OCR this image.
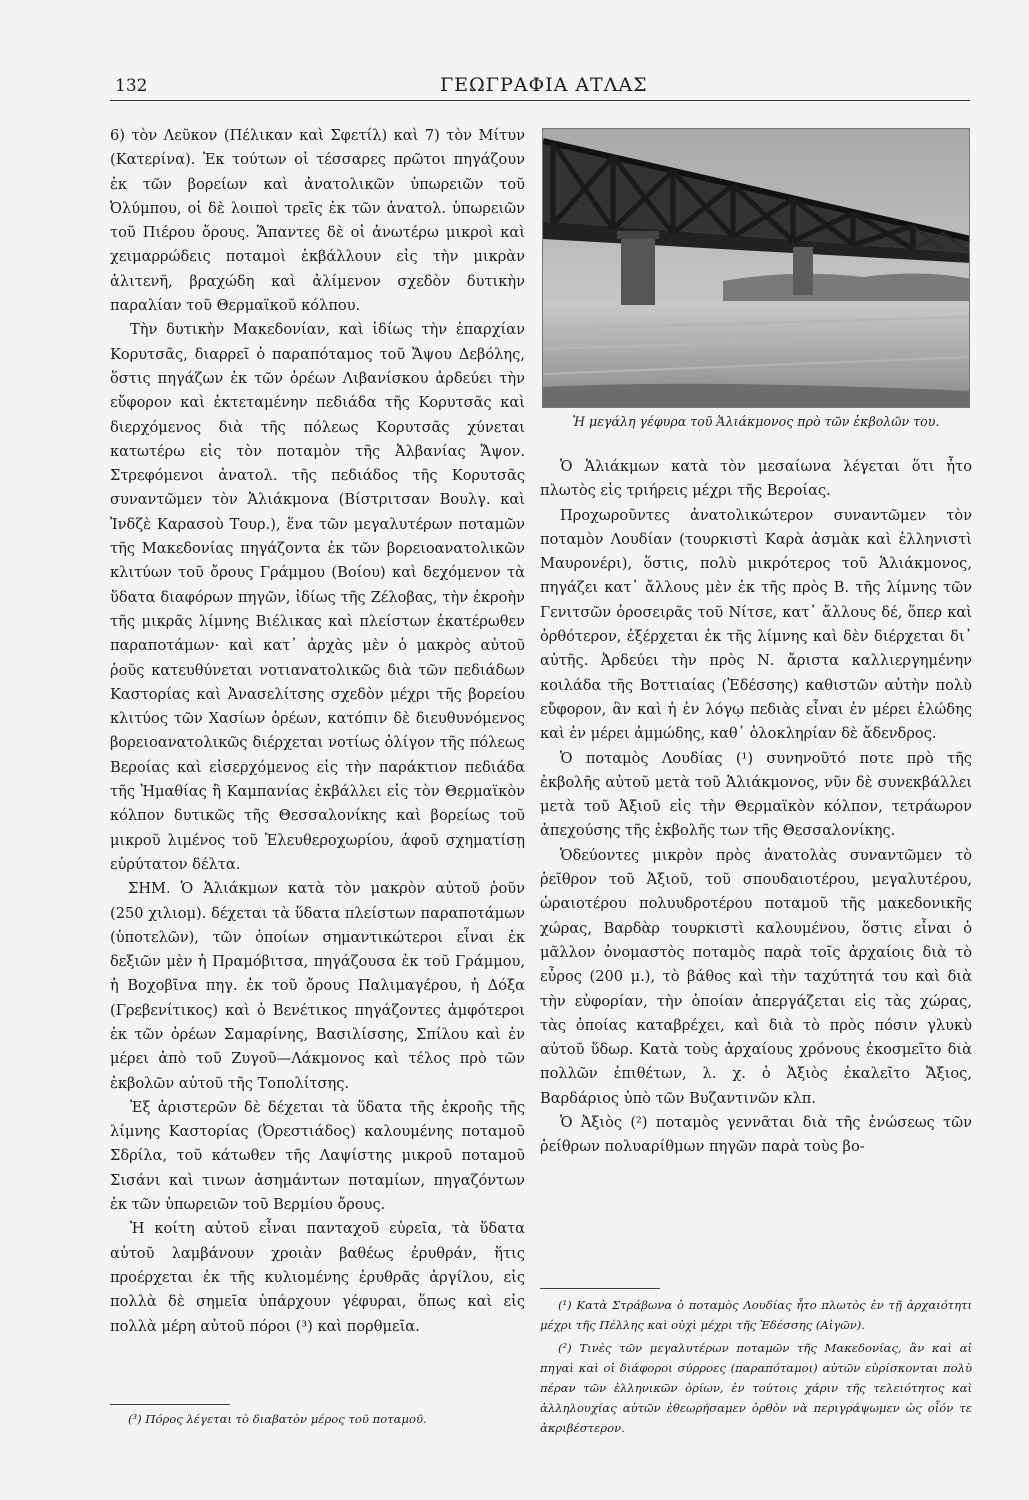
132	ΓΕΩΓΡΑΦΙΑ ΑΤΛΑΣ

6) τὸν Λεῦκον (Πέλικαν καὶ Σφετίλ) καὶ 7) τὸν Μίτυν (Κατερίνα). Ἐκ τούτων οἱ τέσσαρες πρῶτοι πηγάζουν ἐκ τῶν βορείων καὶ ἀνατολικῶν ὑπωρειῶν τοῦ Ὀλύμπου, οἱ δὲ λοιποὶ τρεῖς ἐκ τῶν ἀνατολ. ὑπωρειῶν τοῦ Πιέρου ὄρους. Ἅπαντες δὲ οἱ ἀνωτέρω μικροὶ καὶ χειμαρρώδεις ποταμοὶ ἐκβάλλουν εἰς τὴν μικρὰν ἀλιτενῆ, βραχώδη καὶ ἀλίμενον σχεδὸν δυτικὴν παραλίαν τοῦ Θερμαϊκοῦ κόλπου.

Τὴν δυτικὴν Μακεδονίαν, καὶ ἰδίως τὴν ἐπαρχίαν Κορυτσᾶς, διαρρεῖ ὁ παραπόταμος τοῦ Ἄψου Δεβόλης, ὅστις πηγάζων ἐκ τῶν ὀρέων Λιβανίσκου ἀρδεύει τὴν εὔφορον καὶ ἐκτεταμένην πεδιάδα τῆς Κορυτσᾶς καὶ διερχόμενος διὰ τῆς πόλεως Κορυτσᾶς χύνεται κατωτέρω εἰς τὸν ποταμὸν τῆς Ἀλβανίας Ἄψον. Στρεφόμενοι ἀνατολ. τῆς πεδιάδος τῆς Κορυτσᾶς συναντῶμεν τὸν Ἁλιάκμονα (Βίστριτσαν Βουλγ. καὶ Ἰνδζὲ Καρασοὺ Τουρ.), ἕνα τῶν μεγαλυτέρων ποταμῶν τῆς Μακεδονίας πηγάζοντα ἐκ τῶν βορειοανατολικῶν κλιτύων τοῦ ὄρους Γράμμου (Βοίου) καὶ δεχόμενον τὰ ὕδατα διαφόρων πηγῶν, ἰδίως τῆς Ζέλοβας, τὴν ἐκροὴν τῆς μικρᾶς λίμνης Βιέλικας καὶ πλείστων ἑκατέρωθεν παραποτάμων· καὶ κατ᾿ ἀρχὰς μὲν ὁ μακρὸς αὐτοῦ ῥοῦς κατευθύνεται νοτιανατολικῶς διὰ τῶν πεδιάδων Καστορίας καὶ Ἀνασελίτσης σχεδὸν μέχρι τῆς βορείου κλιτύος τῶν Χασίων ὀρέων, κατόπιν δὲ διευθυνόμενος βορειοανατολικῶς διέρχεται νοτίως ὀλίγον τῆς πόλεως Βεροίας καὶ εἰσερχόμενος εἰς τὴν παράκτιον πεδιάδα τῆς Ἠμαθίας ἢ Καμπανίας ἐκβάλλει εἰς τὸν Θερμαϊκὸν κόλπον δυτικῶς τῆς Θεσσαλονίκης καὶ βορείως τοῦ μικροῦ λιμένος τοῦ Ἐλευθεροχωρίου, ἀφοῦ σχηματίσῃ εὐρύτατον δέλτα.

ΣΗΜ. Ὁ Ἁλιάκμων κατὰ τὸν μακρὸν αὐτοῦ ῥοῦν (250 χιλιομ). δέχεται τὰ ὕδατα πλείστων παραποτάμων (ὑποτελῶν), τῶν ὁποίων σημαντικώτεροι εἶναι ἐκ δεξιῶν μὲν ἡ Πραμόβιτσα, πηγάζουσα ἐκ τοῦ Γράμμου, ἡ Βοχοβῖνα πηγ. ἐκ τοῦ ὄρους Παλιμαγέρου, ἡ Δόξα (Γρεβενίτικος) καὶ ὁ Βενέτικος πηγάζοντες ἀμφότεροι ἐκ τῶν ὀρέων Σαμαρίνης, Βασιλίσσης, Σπίλου καὶ ἐν μέρει ἀπὸ τοῦ Ζυγοῦ—Λάκμονος καὶ τέλος πρὸ τῶν ἐκβολῶν αὐτοῦ τῆς Τοπολίτσης.

Ἐξ ἀριστερῶν δὲ δέχεται τὰ ὕδατα τῆς ἐκροῆς τῆς λίμνης Καστορίας (Ὀρεστιάδος) καλουμένης ποταμοῦ Σδρίλα, τοῦ κάτωθεν τῆς Λαψίστης μικροῦ ποταμοῦ Σισάνι καὶ τινων ἀσημάντων ποταμίων, πηγαζόντων ἐκ τῶν ὑπωρειῶν τοῦ Βερμίου ὄρους.

Ἡ κοίτη αὐτοῦ εἶναι πανταχοῦ εὐρεῖα, τὰ ὕδατα αὐτοῦ λαμβάνουν χροιὰν βαθέως ἐρυθράν, ἥτις προέρχεται ἐκ τῆς κυλιομένης ἐρυθρᾶς ἀργίλου, εἰς πολλὰ δὲ σημεῖα ὑπάρχουν γέφυραι, ὅπως καὶ εἰς πολλὰ μέρη αὐτοῦ πόροι (³) καὶ πορθμεῖα.

Ἡ μεγάλη γέφυρα τοῦ Ἁλιάκμονος πρὸ τῶν ἐκβολῶν του.

Ὁ Ἁλιάκμων κατὰ τὸν μεσαίωνα λέγεται ὅτι ἦτο πλωτὸς εἰς τριήρεις μέχρι τῆς Βεροίας.

Προχωροῦντες ἀνατολικώτερον συναντῶμεν τὸν ποταμὸν Λουδίαν (τουρκιστὶ Καρὰ ἀσμὰκ καὶ ἑλληνιστὶ Μαυρονέρι), ὅστις, πολὺ μικρότερος τοῦ Ἁλιάκμονος, πηγάζει κατ᾿ ἄλλους μὲν ἐκ τῆς πρὸς Β. τῆς λίμνης τῶν Γενιτσῶν ὀροσειρᾶς τοῦ Νίτσε, κατ᾿ ἄλλους δέ, ὅπερ καὶ ὀρθότερον, ἐξέρχεται ἐκ τῆς λίμνης καὶ δὲν διέρχεται δι᾿ αὐτῆς. Ἀρδεύει τὴν πρὸς Ν. ἄριστα καλλιεργημένην κοιλάδα τῆς Βοττιαίας (Ἐδέσσης) καθιστῶν αὐτὴν πολὺ εὔφορον, ἂν καὶ ἡ ἐν λόγῳ πεδιὰς εἶναι ἐν μέρει ἑλώδης καὶ ἐν μέρει ἀμμώδης, καθ᾿ ὁλοκληρίαν δὲ ἄδενδρος.

Ὁ ποταμὸς Λουδίας (¹) συνηνοῦτό ποτε πρὸ τῆς ἐκβολῆς αὐτοῦ μετὰ τοῦ Ἁλιάκμονος, νῦν δὲ συνεκβάλλει μετὰ τοῦ Ἀξιοῦ εἰς τὴν Θερμαϊκὸν κόλπον, τετράωρον ἀπεχούσης τῆς ἐκβολῆς των τῆς Θεσσαλονίκης.

Ὁδεύοντες μικρὸν πρὸς ἀνατολὰς συναντῶμεν τὸ ῥεῖθρον τοῦ Ἀξιοῦ, τοῦ σπουδαιοτέρου, μεγαλυτέρου, ὡραιοτέρου πολυυδροτέρου ποταμοῦ τῆς μακεδονικῆς χώρας, Βαρδὰρ τουρκιστὶ καλουμένου, ὅστις εἶναι ὁ μᾶλλον ὀνομαστὸς ποταμὸς παρὰ τοῖς ἀρχαίοις διὰ τὸ εὖρος (200 μ.), τὸ βάθος καὶ τὴν ταχύτητά του καὶ διὰ τὴν εὐφορίαν, τὴν ὁποίαν ἀπεργάζεται εἰς τὰς χώρας, τὰς ὁποίας καταβρέχει, καὶ διὰ τὸ πρὸς πόσιν γλυκὺ αὐτοῦ ὕδωρ. Κατὰ τοὺς ἀρχαίους χρόνους ἐκοσμεῖτο διὰ πολλῶν ἐπιθέτων, λ. χ. ὁ Ἀξιὸς ἐκαλεῖτο Ἄξιος, Βαρδάριος ὑπὸ τῶν Βυζαντινῶν κλπ.

Ὁ Ἀξιὸς (²) ποταμὸς γεννᾶται διὰ τῆς ἑνώσεως τῶν ῥείθρων πολυαρίθμων πηγῶν παρὰ τοὺς βο-

(³) Πόρος λέγεται τὸ διαβατὸν μέρος τοῦ ποταμοῦ.

(¹) Κατὰ Στράβωνα ὁ ποταμὸς Λουδίας ἦτο πλωτὸς ἐν τῇ ἀρχαιότητι μέχρι τῆς Πέλλης καὶ οὐχὶ μέχρι τῆς Ἐδέσσης (Αἰγῶν).

(²) Τινὲς τῶν μεγαλυτέρων ποταμῶν τῆς Μακεδονίας, ἂν καὶ αἱ πηγαὶ καὶ οἱ διάφοροι σύρροες (παραπόταμοι) αὐτῶν εὑρίσκονται πολὺ πέραν τῶν ἑλληνικῶν ὁρίων, ἐν τούτοις χάριν τῆς τελειότητος καὶ ἀλληλουχίας αὐτῶν ἐθεωρήσαμεν ὀρθὸν νὰ περιγράψωμεν ὡς οἷόν τε ἀκριβέστερον.
